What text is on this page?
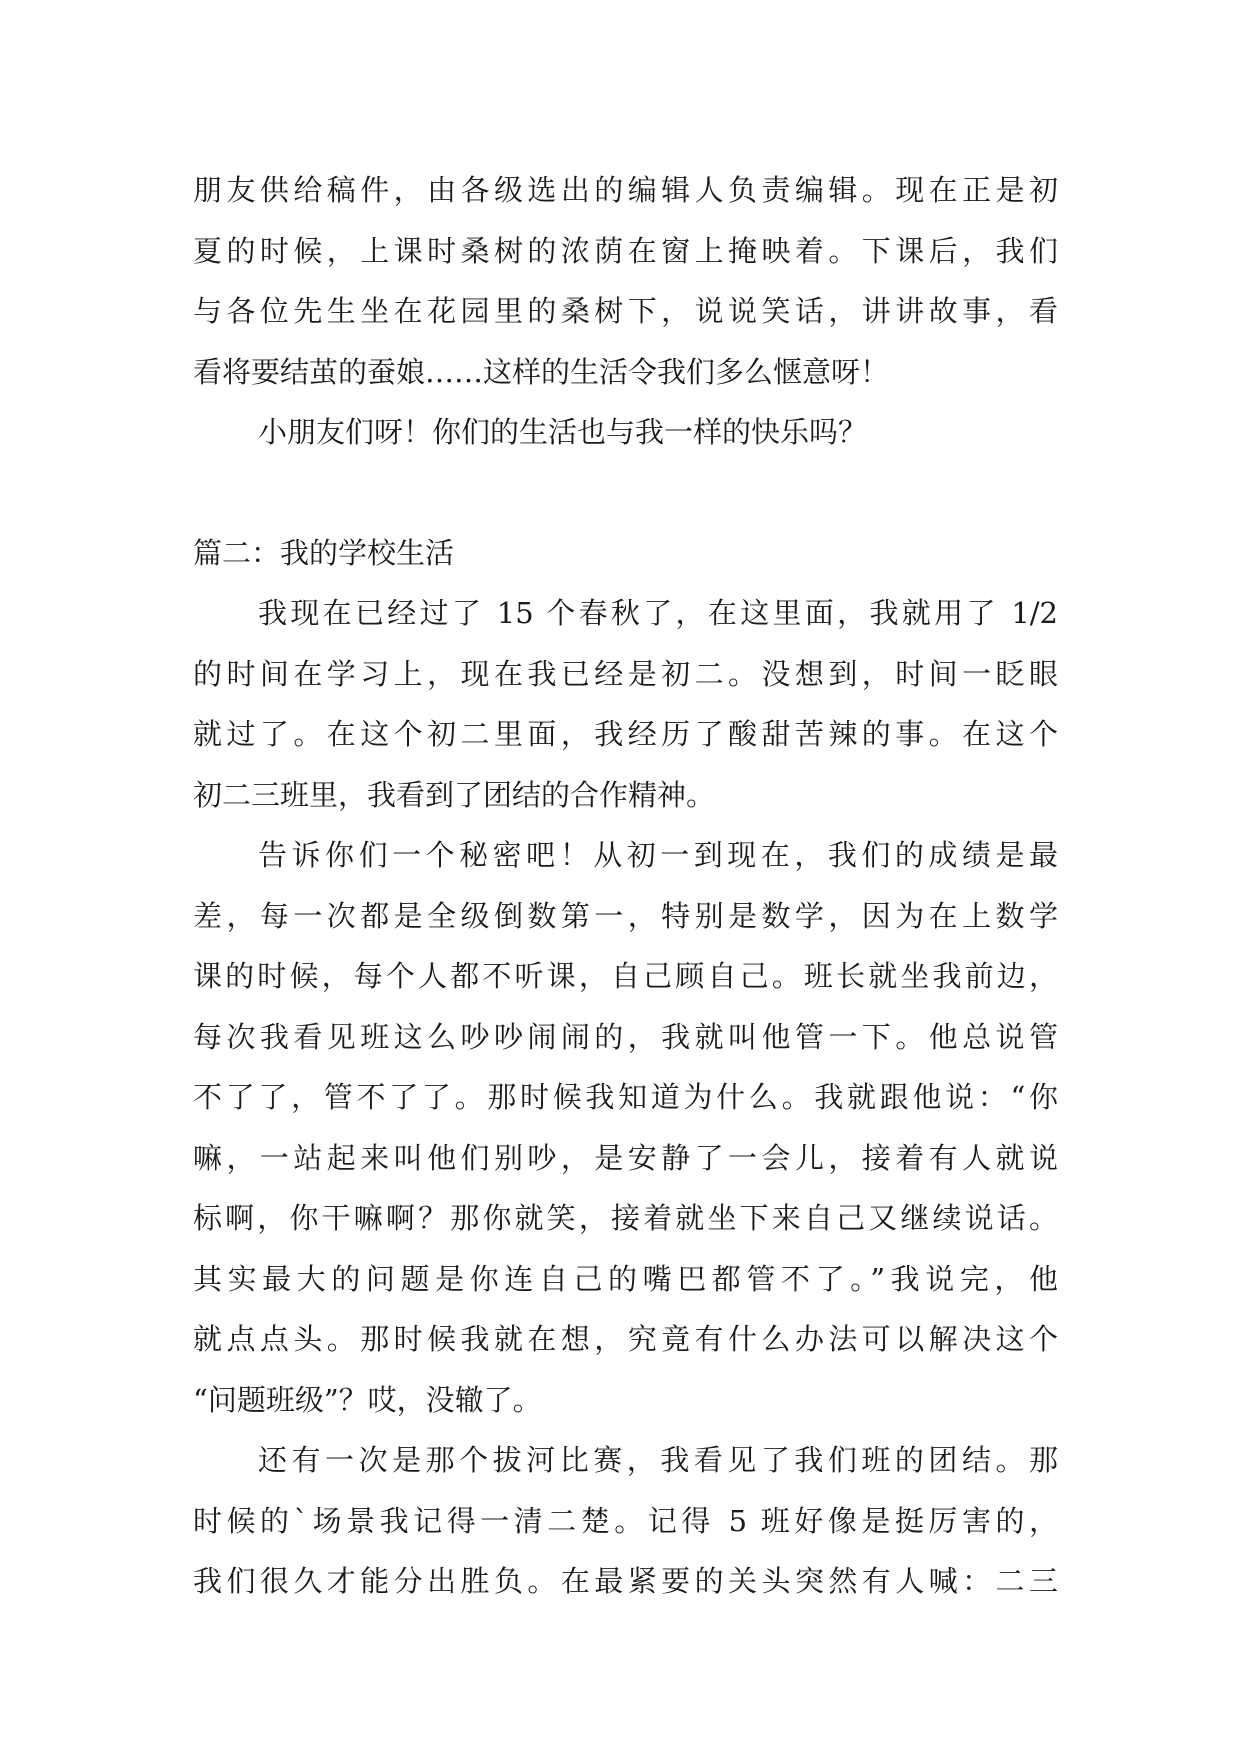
朋友供给稿件，由各级选出的编辑人负责编辑。现在正是初
夏的时候，上课时桑树的浓荫在窗上掩映着。下课后，我们
与各位先生坐在花园里的桑树下，说说笑话，讲讲故事，看
看将要结茧的蚕娘……这样的生活令我们多么惬意呀！
小朋友们呀！你们的生活也与我一样的快乐吗？
篇二：我的学校生活
我现在已经过了 15 个春秋了，在这里面，我就用了 1/2
的时间在学习上，现在我已经是初二。没想到，时间一眨眼
就过了。在这个初二里面，我经历了酸甜苦辣的事。在这个
初二三班里，我看到了团结的合作精神。
告诉你们一个秘密吧！从初一到现在，我们的成绩是最
差，每一次都是全级倒数第一，特别是数学，因为在上数学
课的时候，每个人都不听课，自己顾自己。班长就坐我前边，
每次我看见班这么吵吵闹闹的，我就叫他管一下。他总说管
不了了，管不了了。那时候我知道为什么。我就跟他说：“你
嘛，一站起来叫他们别吵，是安静了一会儿，接着有人就说
标啊，你干嘛啊？那你就笑，接着就坐下来自己又继续说话。
其实最大的问题是你连自己的嘴巴都管不了。”我说完，他
就点点头。那时候我就在想，究竟有什么办法可以解决这个
“问题班级”？哎，没辙了。
还有一次是那个拔河比赛，我看见了我们班的团结。那
时候的`场景我记得一清二楚。记得 5 班好像是挺厉害的，
我们很久才能分出胜负。在最紧要的关头突然有人喊：二三
